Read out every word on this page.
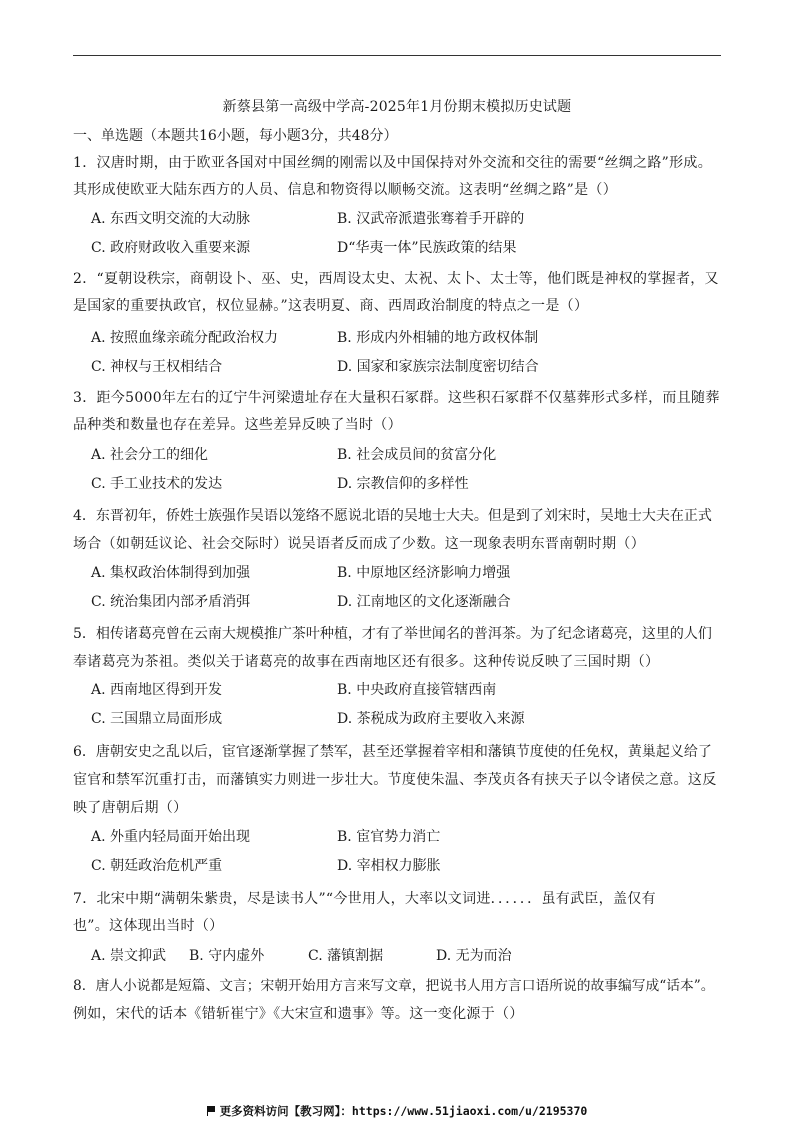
新蔡县第一高级中学高-2025年1月份期末模拟历史试题
一、单选题（本题共16小题，每小题3分，共48分）
1．汉唐时期，由于欧亚各国对中国丝绸的刚需以及中国保持对外交流和交往的需要“丝绸之路”形成。
其形成使欧亚大陆东西方的人员、信息和物资得以顺畅交流。这表明“丝绸之路”是（）
A. 东西文明交流的大动脉	B. 汉武帝派遣张骞着手开辟的
C. 政府财政收入重要来源	D“华夷一体”民族政策的结果
2．“夏朝设秩宗，商朝设卜、巫、史，西周设太史、太祝、太卜、太士等，他们既是神权的掌握者，又
是国家的重要执政官，权位显赫。”这表明夏、商、西周政治制度的特点之一是（）
A. 按照血缘亲疏分配政治权力	B. 形成内外相辅的地方政权体制
C. 神权与王权相结合	D. 国家和家族宗法制度密切结合
3．距今5000年左右的辽宁牛河梁遗址存在大量积石冢群。这些积石冢群不仅墓葬形式多样，而且随葬
品种类和数量也存在差异。这些差异反映了当时（）
A. 社会分工的细化	B. 社会成员间的贫富分化
C. 手工业技术的发达	D. 宗教信仰的多样性
4．东晋初年，侨姓士族强作吴语以笼络不愿说北语的吴地士大夫。但是到了刘宋时，吴地士大夫在正式
场合（如朝廷议论、社会交际时）说吴语者反而成了少数。这一现象表明东晋南朝时期（）
A. 集权政治体制得到加强	B. 中原地区经济影响力增强
C. 统治集团内部矛盾消弭	D. 江南地区的文化逐渐融合
5．相传诸葛亮曾在云南大规模推广茶叶种植，才有了举世闻名的普洱茶。为了纪念诸葛亮，这里的人们
奉诸葛亮为茶祖。类似关于诸葛亮的故事在西南地区还有很多。这种传说反映了三国时期（）
A. 西南地区得到开发	B. 中央政府直接管辖西南
C. 三国鼎立局面形成	D. 茶税成为政府主要收入来源
6．唐朝安史之乱以后，宦官逐渐掌握了禁军，甚至还掌握着宰相和藩镇节度使的任免权，黄巢起义给了
宦官和禁军沉重打击，而藩镇实力则进一步壮大。节度使朱温、李茂贞各有挟天子以令诸侯之意。这反
映了唐朝后期（）
A. 外重内轻局面开始出现	B. 宦官势力消亡
C. 朝廷政治危机严重	D. 宰相权力膨胀
7．北宋中期“满朝朱紫贵，尽是读书人”“今世用人，大率以文词进．．．．．．虽有武臣，盖仅有
也”。这体现出当时（）
A. 崇文抑武 B. 守内虚外	C. 藩镇割据	D. 无为而治
8．唐人小说都是短篇、文言；宋朝开始用方言来写文章，把说书人用方言口语所说的故事编写成“话本”。
例如，宋代的话本《错斩崔宁》《大宋宣和遗事》等。这一变化源于（）
更多资料访问【教习网】：https://www.51jiaoxi.com/u/2195370
